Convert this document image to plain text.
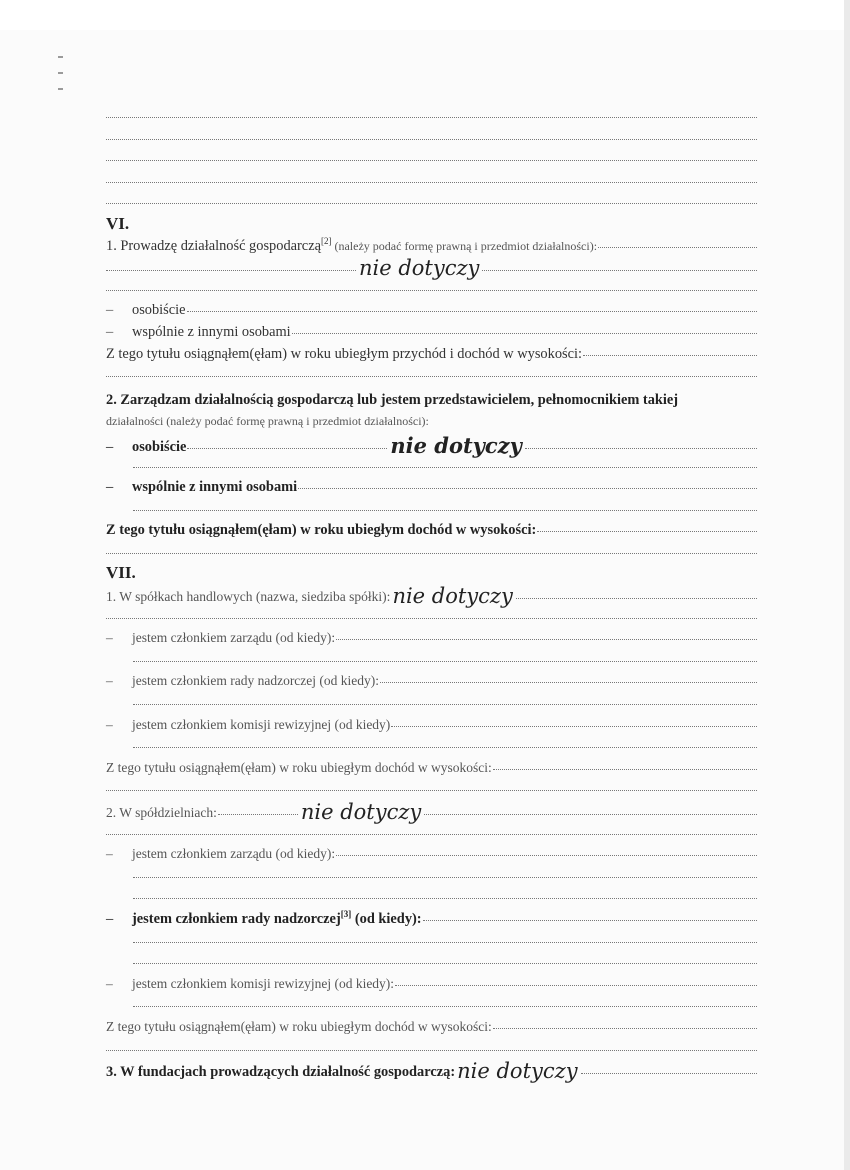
VI.
1. Prowadzę działalność gospodarczą[2] (należy podać formę prawną i przedmiot działalności):
nie dotyczy
– osobiście
– wspólnie z innymi osobami
Z tego tytułu osiągnąłem(ęłam) w roku ubiegłym przychód i dochód w wysokości:
2. Zarządzam działalnością gospodarczą lub jestem przedstawicielem, pełnomocnikiem takiej
działalności (należy podać formę prawną i przedmiot działalności):
– osobiście	nie dotyczy
– wspólnie z innymi osobami
Z tego tytułu osiągnąłem(ęłam) w roku ubiegłym dochód w wysokości:
VII.
1. W spółkach handlowych (nazwa, siedziba spółki): nie dotyczy
– jestem członkiem zarządu (od kiedy):
– jestem członkiem rady nadzorczej (od kiedy):
– jestem członkiem komisji rewizyjnej (od kiedy)
Z tego tytułu osiągnąłem(ęłam) w roku ubiegłym dochód w wysokości:
2. W spółdzielniach:	nie dotyczy
– jestem członkiem zarządu (od kiedy):
– jestem członkiem rady nadzorczej[3] (od kiedy):
– jestem członkiem komisji rewizyjnej (od kiedy):
Z tego tytułu osiągnąłem(ęłam) w roku ubiegłym dochód w wysokości:
3. W fundacjach prowadzących działalność gospodarczą: nie dotyczy
